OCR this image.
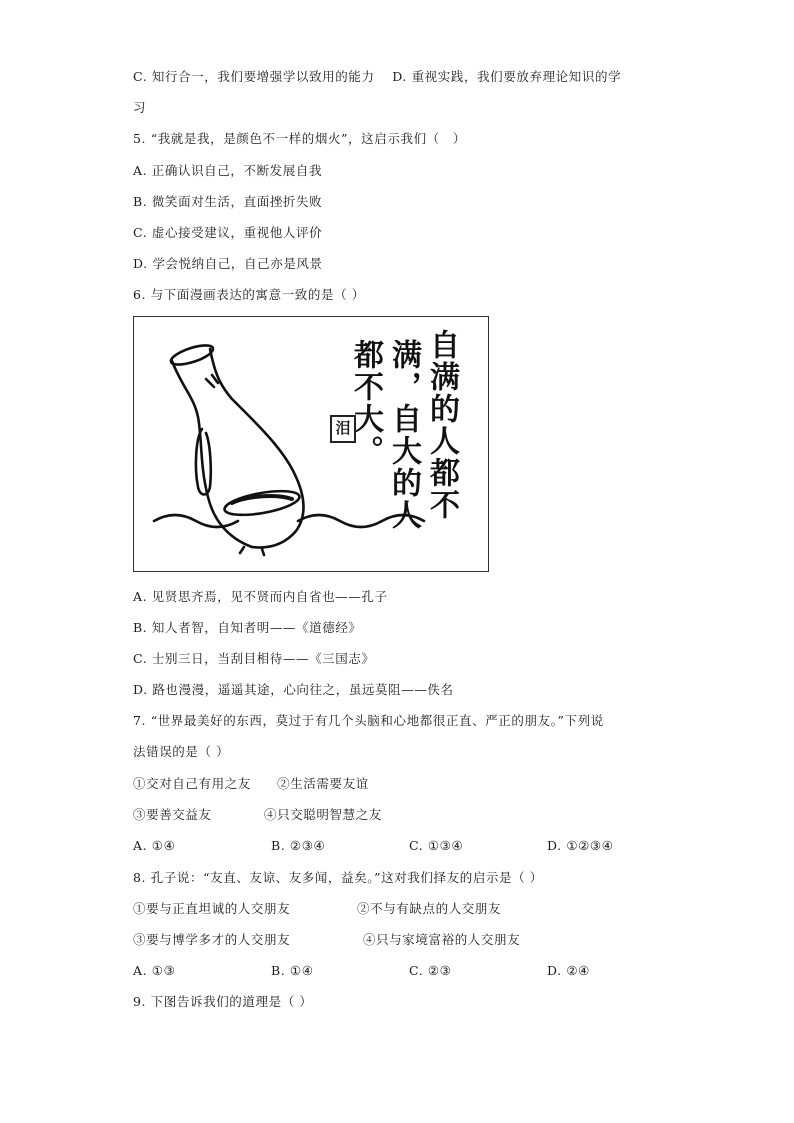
C. 知行合一，我们要增强学以致用的能力　 D. 重视实践，我们要放弃理论知识的学
习
5. “我就是我，是颜色不一样的烟火”，这启示我们（　）
A. 正确认识自己，不断发展自我
B. 微笑面对生活，直面挫折失败
C. 虚心接受建议，重视他人评价
D. 学会悦纳自己，自己亦是风景
6. 与下面漫画表达的寓意一致的是（ ）
自满的人都不
满，自大的人
都不大。
泪
A. 见贤思齐焉，见不贤而内自省也——孔子
B. 知人者智，自知者明——《道德经》
C. 士别三日，当刮目相待——《三国志》
D. 路也漫漫，遥遥其途，心向往之，虽远莫阻——佚名
7. “世界最美好的东西，莫过于有几个头脑和心地都很正直、严正的朋友。”下列说
法错误的是（ ）
①交对自己有用之友　　②生活需要友谊
③要善交益友　　　　④只交聪明智慧之友
A. ①④	B. ②③④	C. ①③④	D. ①②③④
8. 孔子说：“友直、友谅、友多闻，益矣。”这对我们择友的启示是（ ）
①要与正直坦诚的人交朋友	②不与有缺点的人交朋友
③要与博学多才的人交朋友	④只与家境富裕的人交朋友
A. ①③	B. ①④	C. ②③	D. ②④
9. 下图告诉我们的道理是（ ）
